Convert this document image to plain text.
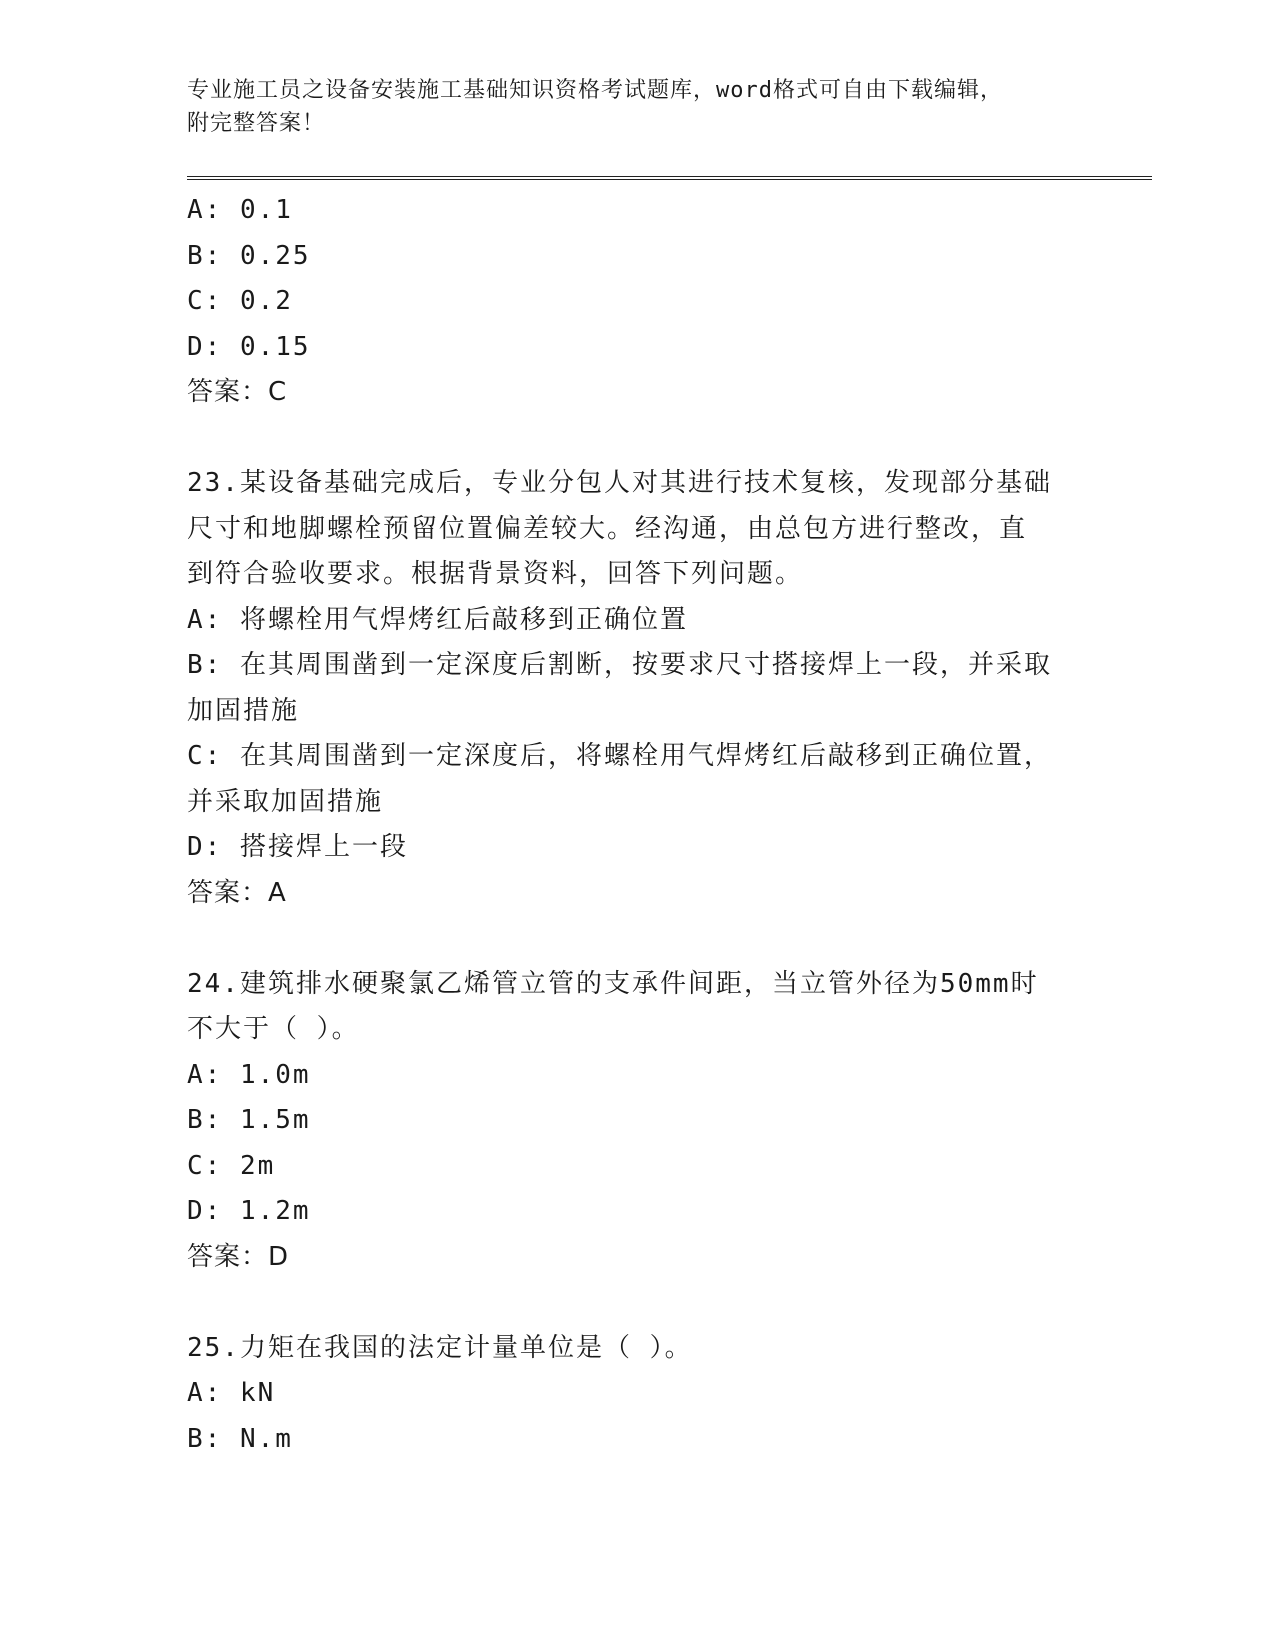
专业施工员之设备安装施工基础知识资格考试题库，word格式可自由下载编辑，
附完整答案！
A: 0.1
B: 0.25
C: 0.2
D: 0.15
答案：C
23.某设备基础完成后，专业分包人对其进行技术复核，发现部分基础
尺寸和地脚螺栓预留位置偏差较大。经沟通，由总包方进行整改，直
到符合验收要求。根据背景资料，回答下列问题。
A: 将螺栓用气焊烤红后敲移到正确位置
B: 在其周围凿到一定深度后割断，按要求尺寸搭接焊上一段，并采取
加固措施
C: 在其周围凿到一定深度后，将螺栓用气焊烤红后敲移到正确位置，
并采取加固措施
D: 搭接焊上一段
答案：A
24.建筑排水硬聚氯乙烯管立管的支承件间距，当立管外径为50mm时
不大于（ ）。
A: 1.0m
B: 1.5m
C: 2m
D: 1.2m
答案：D
25.力矩在我国的法定计量单位是（ ）。
A: kN
B: N.m
